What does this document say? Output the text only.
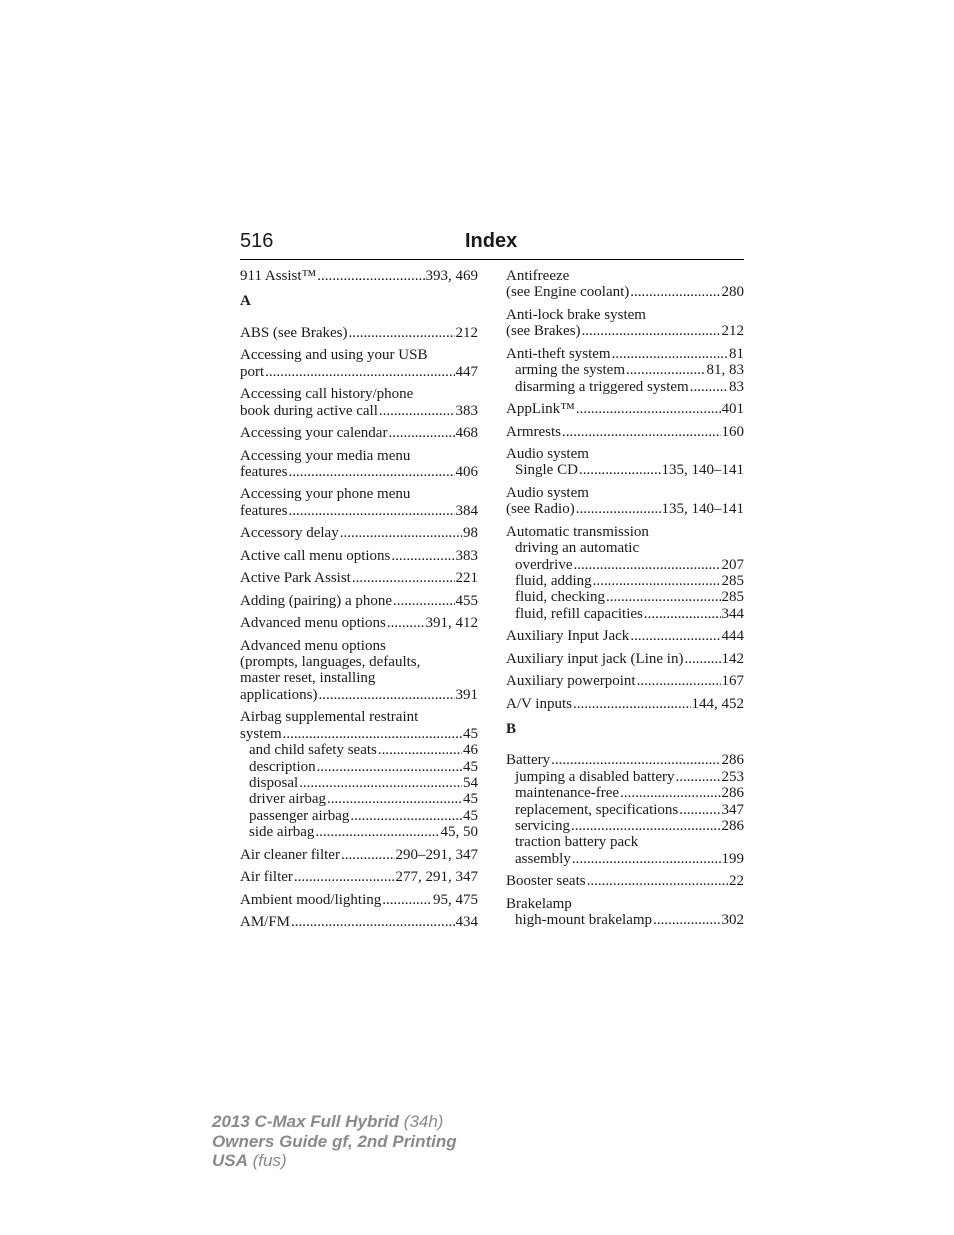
516	Index
911 Assist™ .....	393, 469
A
ABS (see Brakes) .....	212
Accessing and using your USB
port .....	447
Accessing call history/phone
book during active call .....	383
Accessing your calendar .....	468
Accessing your media menu
features .....	406
Accessing your phone menu
features .....	384
Accessory delay .....	98
Active call menu options .....	383
Active Park Assist .....	221
Adding (pairing) a phone .....	455
Advanced menu options .....	391, 412
Advanced menu options
(prompts, languages, defaults,
master reset, installing
applications) .....	391
Airbag supplemental restraint
system .....	45
and child safety seats .....	46
description .....	45
disposal .....	54
driver airbag .....	45
passenger airbag .....	45
side airbag .....	45, 50
Air cleaner filter .....	290–291, 347
Air filter .....	277, 291, 347
Ambient mood/lighting .....	95, 475
AM/FM .....	434
Antifreeze
(see Engine coolant) .....	280
Anti-lock brake system
(see Brakes) .....	212
Anti-theft system .....	81
arming the system .....	81, 83
disarming a triggered system .....	83
AppLink™ .....	401
Armrests .....	160
Audio system
Single CD .....	135, 140–141
Audio system
(see Radio) .....	135, 140–141
Automatic transmission
driving an automatic
overdrive .....	207
fluid, adding .....	285
fluid, checking .....	285
fluid, refill capacities .....	344
Auxiliary Input Jack .....	444
Auxiliary input jack (Line in) .....	142
Auxiliary powerpoint .....	167
A/V inputs .....	144, 452
B
Battery .....	286
jumping a disabled battery .....	253
maintenance-free .....	286
replacement, specifications .....	347
servicing .....	286
traction battery pack
assembly .....	199
Booster seats .....	22
Brakelamp
high-mount brakelamp .....	302
2013 C-Max Full Hybrid (34h)
Owners Guide gf, 2nd Printing
USA (fus)
